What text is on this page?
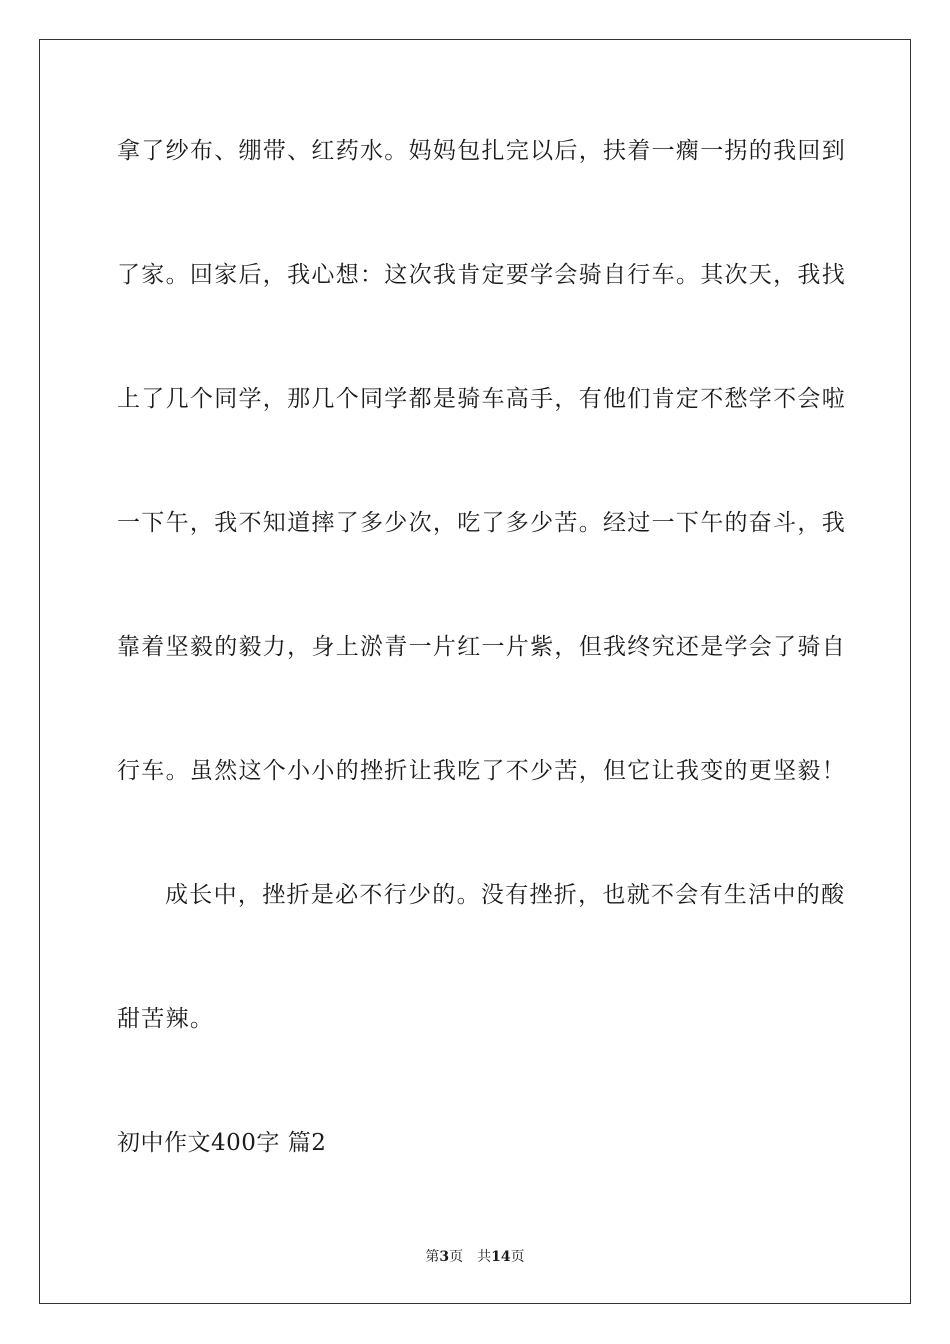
拿了纱布、绷带、红药水。妈妈包扎完以后，扶着一瘸一拐的我回到
了家。回家后，我心想：这次我肯定要学会骑自行车。其次天，我找
上了几个同学，那几个同学都是骑车高手，有他们肯定不愁学不会啦
一下午，我不知道摔了多少次，吃了多少苦。经过一下午的奋斗，我
靠着坚毅的毅力，身上淤青一片红一片紫，但我终究还是学会了骑自
行车。虽然这个小小的挫折让我吃了不少苦，但它让我变的更坚毅！
成长中，挫折是必不行少的。没有挫折，也就不会有生活中的酸
甜苦辣。
初中作文400字 篇2
第3页 共14页
